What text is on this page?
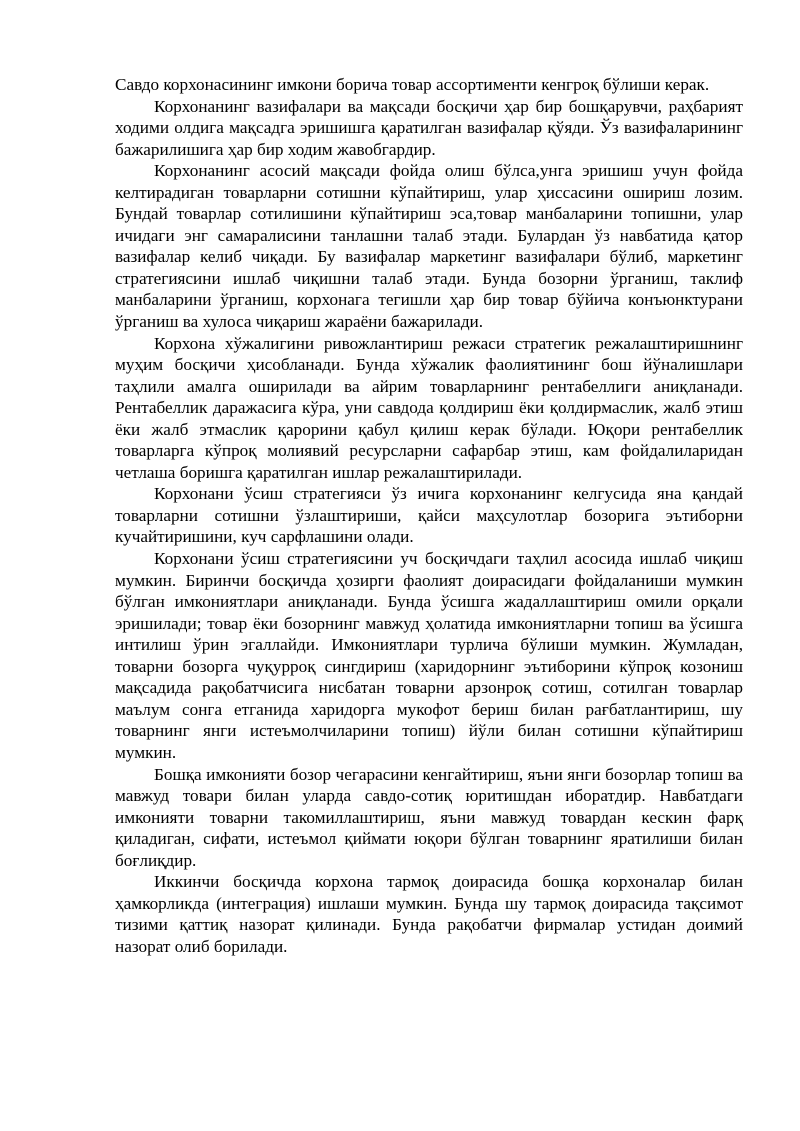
Савдо корхонасининг имкони борича товар ассортименти кенгроқ бўлиши керак.

Корхонанинг вазифалари ва мақсади босқичи ҳар бир бошқарувчи, раҳбарият ходими олдига мақсадга эришишга қаратилган вазифалар қўяди. Ўз вазифаларининг бажарилишига ҳар бир ходим жавобгардир.

Корхонанинг асосий мақсади фойда олиш бўлса,унга эришиш учун фойда келтирадиган товарларни сотишни кўпайтириш, улар ҳиссасини ошириш лозим. Бундай товарлар сотилишини кўпайтириш эса,товар манбаларини топишни, улар ичидаги энг самаралисини танлашни талаб этади. Булардан ўз навбатида қатор вазифалар келиб чиқади. Бу вазифалар маркетинг вазифалари бўлиб, маркетинг стратегиясини ишлаб чиқишни талаб этади. Бунда бозорни ўрганиш, таклиф манбаларини ўрганиш, корхонага тегишли ҳар бир товар бўйича конъюнктурани ўрганиш ва хулоса чиқариш жараёни бажарилади.

Корхона хўжалигини ривожлантириш режаси стратегик режалаштиришнинг муҳим босқичи ҳисобланади. Бунда хўжалик фаолиятининг бош йўналишлари таҳлили амалга оширилади ва айрим товарларнинг рентабеллиги аниқланади. Рентабеллик даражасига кўра, уни савдода қолдириш ёки қолдирмаслик, жалб этиш ёки жалб этмаслик қарорини қабул қилиш керак бўлади. Юқори рентабеллик товарларга кўпроқ молиявий ресурсларни сафарбар этиш, кам фойдалиларидан четлаша боришга қаратилган ишлар режалаштирилади.

Корхонани ўсиш стратегияси ўз ичига корхонанинг келгусида яна қандай товарларни сотишни ўзлаштириши, қайси маҳсулотлар бозорига эътиборни кучайтиришини, куч сарфлашини олади.

Корхонани ўсиш стратегиясини уч босқичдаги таҳлил асосида ишлаб чиқиш мумкин. Биринчи босқичда ҳозирги фаолият доирасидаги фойдаланиши мумкин бўлган имкониятлари аниқланади. Бунда ўсишга жадаллаштириш омили орқали эришилади; товар ёки бозорнинг мавжуд ҳолатида имкониятларни топиш ва ўсишга интилиш ўрин эгаллайди. Имкониятлари турлича бўлиши мумкин. Жумладан, товарни бозорга чуқурроқ сингдириш (харидорнинг эътиборини кўпроқ козониш мақсадида рақобатчисига нисбатан товарни арзонроқ сотиш, сотилган товарлар маълум сонга етганида харидорга мукофот бериш билан рағбатлантириш, шу товарнинг янги истеъмолчиларини топиш) йўли билан сотишни кўпайтириш мумкин.

Бошқа имконияти бозор чегарасини кенгайтириш, яъни янги бозорлар топиш ва мавжуд товари билан уларда савдо-сотиқ юритишдан иборатдир. Навбатдаги имконияти товарни такомиллаштириш, яъни мавжуд товардан кескин фарқ қиладиган, сифати, истеъмол қиймати юқори бўлган товарнинг яратилиши билан боғлиқдир.

Иккинчи босқичда корхона тармоқ доирасида бошқа корхоналар билан ҳамкорликда (интеграция) ишлаши мумкин. Бунда шу тармоқ доирасида тақсимот тизими қаттиқ назорат қилинади. Бунда рақобатчи фирмалар устидан доимий назорат олиб борилади.
